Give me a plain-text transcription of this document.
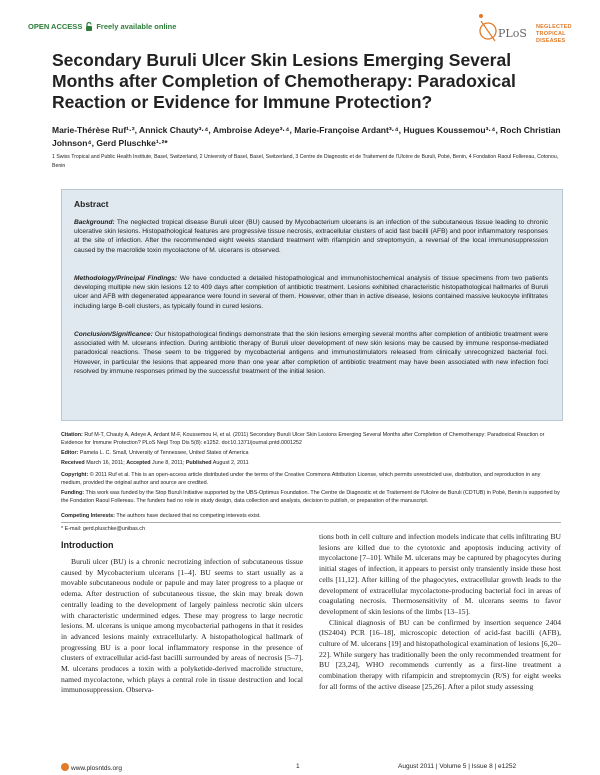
OPEN ACCESS Freely available online
PLoS NEGLECTED
TROPICAL DISEASES
Secondary Buruli Ulcer Skin Lesions Emerging Several Months after Completion of Chemotherapy: Paradoxical Reaction or Evidence for Immune Protection?
Marie-Thérèse Ruf¹·², Annick Chauty³·⁴, Ambroise Adeye³·⁴, Marie-Françoise Ardant³·⁴, Hugues Koussemou³·⁴, Roch Christian Johnson⁴, Gerd Pluschke¹·²*
1 Swiss Tropical and Public Health Institute, Basel, Switzerland, 2 University of Basel, Basel, Switzerland, 3 Centre de Diagnostic et de Traitement de l'Ulcère de Buruli, Pobè, Benin, 4 Fondation Raoul Follereau, Cotonou, Benin
Abstract

Background: The neglected tropical disease Buruli ulcer (BU) caused by Mycobacterium ulcerans is an infection of the subcutaneous tissue leading to chronic ulcerative skin lesions. Histopathological features are progressive tissue necrosis, extracellular clusters of acid fast bacilli (AFB) and poor inflammatory responses at the site of infection. After the recommended eight weeks standard treatment with rifampicin and streptomycin, a reversal of the local immunosuppression caused by the macrolide toxin mycolactone of M. ulcerans is observed.

Methodology/Principal Findings: We have conducted a detailed histopathological and immunohistochemical analysis of tissue specimens from two patients developing multiple new skin lesions 12 to 409 days after completion of antibiotic treatment. Lesions exhibited characteristic histopathological hallmarks of Buruli ulcer and AFB with degenerated appearance were found in several of them. However, other than in active disease, lesions contained massive leukocyte infiltrates including large B-cell clusters, as typically found in cured lesions.

Conclusion/Significance: Our histopathological findings demonstrate that the skin lesions emerging several months after completion of antibiotic treatment were associated with M. ulcerans infection. During antibiotic therapy of Buruli ulcer development of new skin lesions may be caused by immune response-mediated paradoxical reactions. These seem to be triggered by mycobacterial antigens and immunostimulators released from clinically unrecognized bacterial foci. However, in particular the lesions that appeared more than one year after completion of antibiotic treatment may have been associated with new infection foci resolved by immune responses primed by the successful treatment of the initial lesion.

Citation: Ruf M-T, Chauty A, Adeye A, Ardant M-F, Koussemou H, et al. (2011) Secondary Buruli Ulcer Skin Lesions Emerging Several Months after Completion of Chemotherapy: Paradoxical Reaction or Evidence for Immune Protection? PLoS Negl Trop Dis 5(8): e1252. doi:10.1371/journal.pntd.0001252
Editor: Pamela L. C. Small, University of Tennessee, United States of America
Received March 16, 2011; Accepted June 8, 2011; Published August 2, 2011
Copyright: © 2011 Ruf et al. This is an open-access article distributed under the terms of the Creative Commons Attribution License, which permits unrestricted use, distribution, and reproduction in any medium, provided the original author and source are credited.
Funding: This work was funded by the Stop Buruli Initiative supported by the UBS-Optimus Foundation. The Centre de Diagnostic et de Traitement de l'Ulcère de Buruli (CDTUB) in Pobè, Benin is supported by the Fondation Raoul Follereau. The funders had no role in study design, data collection and analysis, decision to publish, or preparation of the manuscript.
Competing Interests: The authors have declared that no competing interests exist.
* E-mail: gerd.pluschke@unibas.ch
Introduction

Buruli ulcer (BU) is a chronic necrotizing infection of subcutaneous tissue caused by Mycobacterium ulcerans [1–4]. BU seems to start usually as a movable subcutaneous nodule or papule and may later progress to a plaque or edema. After destruction of subcutaneous tissue, the skin may break down centrally leading to the development of largely painless necrotic skin ulcers with characteristic undermined edges. These may progress to large necrotic lesions. M. ulcerans is unique among mycobacterial pathogens in that it resides in advanced lesions mainly extracellularly. A histopathological hallmark of progressing BU is a poor local inflammatory response in the presence of clusters of extracellular acid-fast bacilli surrounded by areas of necrosis [5–7]. M. ulcerans produces a toxin with a polyketide-derived macrolide structure, named mycolactone, which plays a central role in tissue destruction and local immunosuppression. Observa-

tions both in cell culture and infection models indicate that cells infiltrating BU lesions are killed due to the cytotoxic and apoptosis inducing activity of mycolactone [7–10]. While M. ulcerans may be captured by phagocytes during initial stages of infection, it appears to persist only transiently inside these host cells [11,12]. After killing of the phagocytes, extracellular growth leads to the development of extracellular mycolactone-producing bacterial foci in areas of coagulating necrosis. Thermosensitivity of M. ulcerans seems to favor development of skin lesions of the limbs [13–15].

Clinical diagnosis of BU can be confirmed by insertion sequence 2404 (IS2404) PCR [16–18], microscopic detection of acid-fast bacilli (AFB), culture of M. ulcerans [19] and histopathological examination of lesions [6,20–22]. While surgery has traditionally been the only recommended treatment for BU [23,24], WHO recommends currently as a first-line treatment a combination therapy with rifampicin and streptomycin (R/S) for eight weeks for all forms of the active disease [25,26]. After a pilot study assessing

www.plosntds.org	1	August 2011 | Volume 5 | Issue 8 | e1252
